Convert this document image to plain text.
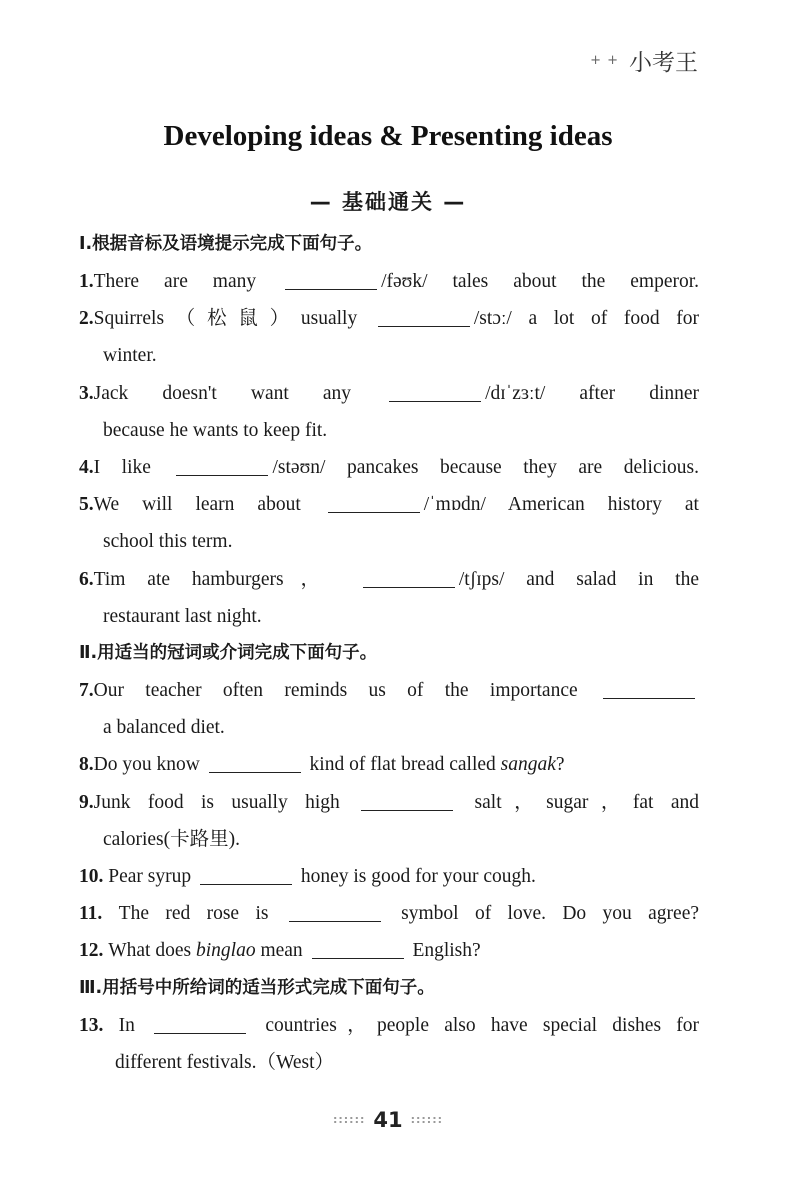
+ + 小考王
Developing ideas & Presenting ideas
— 基础通关 —
Ⅰ.根据音标及语境提示完成下面句子。
1. There are many	/fəʊk/ tales about the emperor.
2. Squirrels（松鼠）usually	/stɔː/ a lot of food for
winter.
3. Jack doesn't want any	/dɪˈzɜːt/ after dinner
because he wants to keep fit.
4. I like	/stəʊn/ pancakes because they are delicious.
5. We will learn about	/ˈmɒdn/ American history at
school this term.
6. Tim ate hamburgers，	/tʃɪps/ and salad in the
restaurant last night.
Ⅱ.用适当的冠词或介词完成下面句子。
7. Our teacher often reminds us of the importance
a balanced diet.
8. Do you know	kind of flat bread called sangak?
9. Junk food is usually high	salt，sugar，fat and
calories(卡路里).
10. Pear syrup	honey is good for your cough.
11. The red rose is	symbol of love. Do you agree?
12. What does binglao mean	English?
Ⅲ.用括号中所给词的适当形式完成下面句子。
13. In	countries，people also have special dishes for
different festivals.（West）
:::::: 41 ::::::
